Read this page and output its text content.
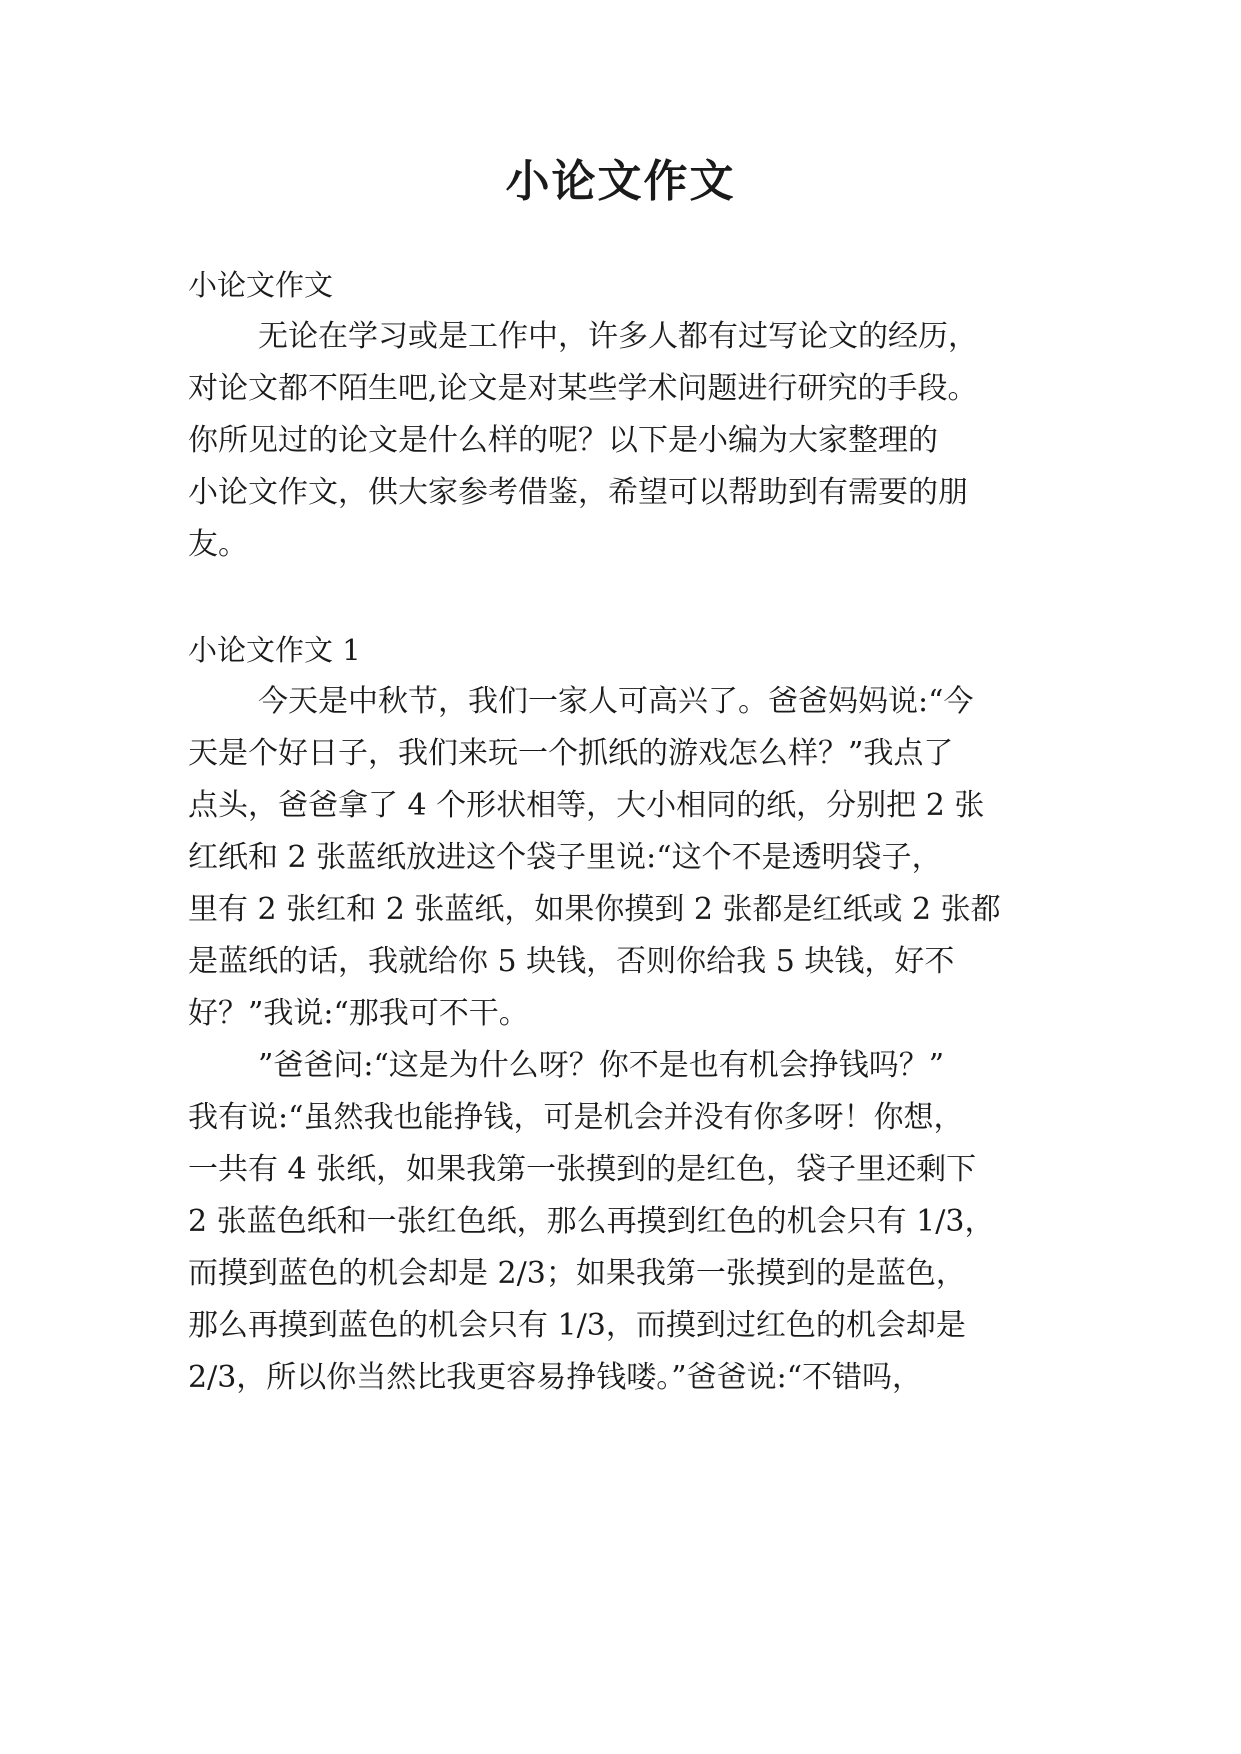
小论文作文

小论文作文

无论在学习或是工作中，许多人都有过写论文的经历，

对论文都不陌生吧,论文是对某些学术问题进行研究的手段。

你所见过的论文是什么样的呢？以下是小编为大家整理的

小论文作文，供大家参考借鉴，希望可以帮助到有需要的朋

友。

小论文作文 1

今天是中秋节，我们一家人可高兴了。爸爸妈妈说:“今

天是个好日子，我们来玩一个抓纸的游戏怎么样？”我点了

点头，爸爸拿了 4 个形状相等，大小相同的纸，分别把 2 张

红纸和 2 张蓝纸放进这个袋子里说:“这个不是透明袋子，

里有 2 张红和 2 张蓝纸，如果你摸到 2 张都是红纸或 2 张都

是蓝纸的话，我就给你 5 块钱，否则你给我 5 块钱，好不

好？”我说:“那我可不干。

”爸爸问:“这是为什么呀？你不是也有机会挣钱吗？”

我有说:“虽然我也能挣钱，可是机会并没有你多呀！你想，

一共有 4 张纸，如果我第一张摸到的是红色，袋子里还剩下

2 张蓝色纸和一张红色纸，那么再摸到红色的机会只有 1/3，

而摸到蓝色的机会却是 2/3；如果我第一张摸到的是蓝色，

那么再摸到蓝色的机会只有 1/3，而摸到过红色的机会却是

2/3，所以你当然比我更容易挣钱喽。”爸爸说:“不错吗，
